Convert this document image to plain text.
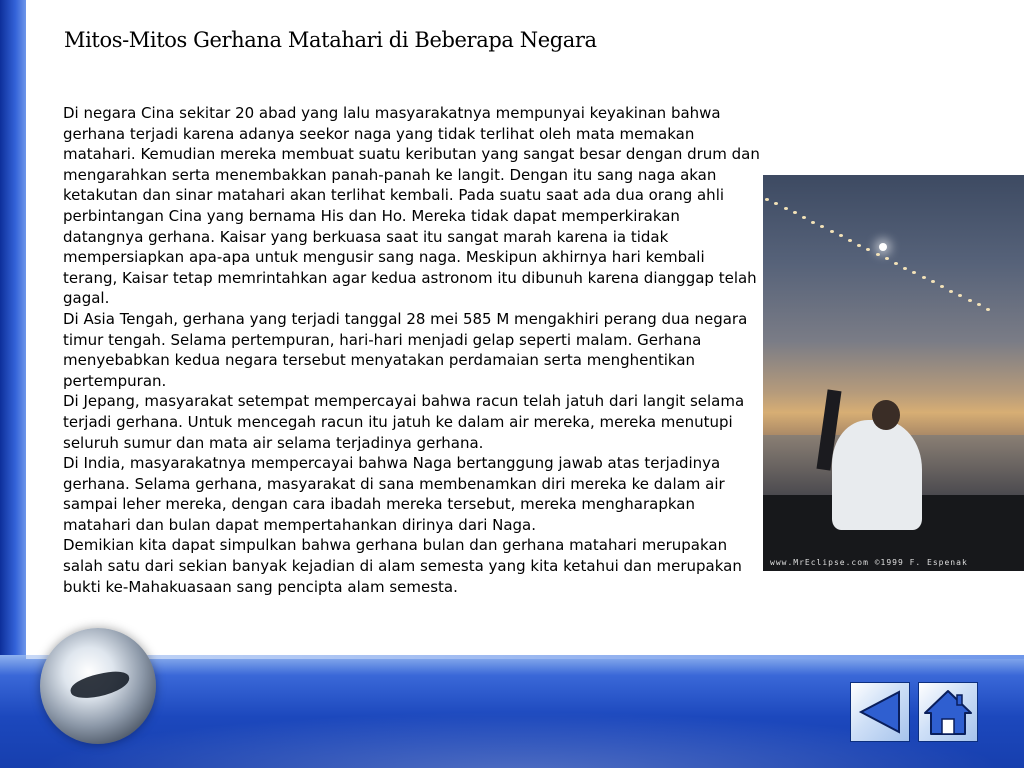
www.MrEclipse.com ©1999 F. Espenak
Mitos-Mitos Gerhana Matahari di Beberapa Negara

Di negara Cina sekitar 20 abad yang lalu masyarakatnya mempunyai keyakinan bahwa gerhana terjadi karena adanya seekor naga yang tidak terlihat oleh mata memakan matahari. Kemudian mereka membuat suatu keributan yang sangat besar dengan drum dan mengarahkan serta menembakkan panah-panah ke langit. Dengan itu sang naga akan ketakutan dan sinar matahari akan terlihat kembali. Pada suatu saat ada dua orang ahli perbintangan Cina yang bernama His dan Ho. Mereka tidak dapat memperkirakan datangnya gerhana. Kaisar yang berkuasa saat itu sangat marah karena ia tidak mempersiapkan apa-apa untuk mengusir sang naga. Meskipun akhirnya hari kembali terang, Kaisar tetap memrintahkan agar kedua astronom itu dibunuh karena dianggap telah gagal.

Di Asia Tengah, gerhana yang terjadi tanggal 28 mei 585 M mengakhiri perang dua negara timur tengah. Selama pertempuran, hari-hari menjadi gelap seperti malam. Gerhana menyebabkan kedua negara tersebut menyatakan perdamaian serta menghentikan pertempuran.

Di Jepang, masyarakat setempat mempercayai bahwa racun telah jatuh dari langit selama terjadi gerhana. Untuk mencegah racun itu jatuh ke dalam air mereka, mereka menutupi seluruh sumur dan mata air selama terjadinya gerhana.

Di India, masyarakatnya mempercayai bahwa Naga bertanggung jawab atas terjadinya gerhana. Selama gerhana, masyarakat di sana membenamkan diri mereka ke dalam air sampai leher mereka, dengan cara ibadah mereka tersebut, mereka mengharapkan matahari dan bulan dapat mempertahankan dirinya dari Naga.

Demikian kita dapat simpulkan bahwa gerhana bulan dan gerhana matahari merupakan salah satu dari sekian banyak kejadian di alam semesta yang kita ketahui dan merupakan bukti ke-Mahakuasaan sang pencipta alam semesta.
